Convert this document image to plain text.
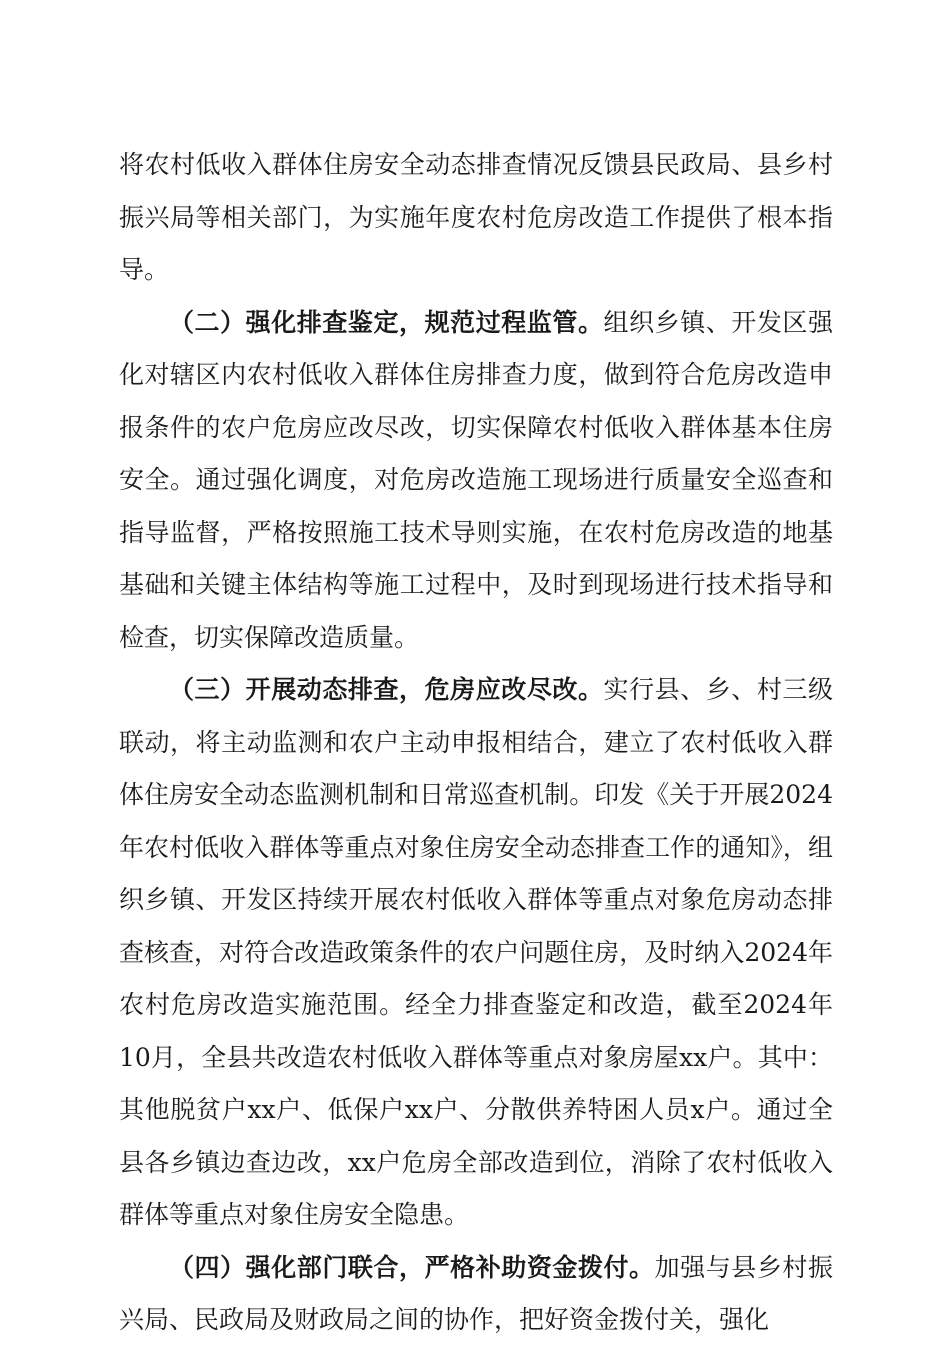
将农村低收入群体住房安全动态排查情况反馈县民政局、县乡村振兴局等相关部门，为实施年度农村危房改造工作提供了根本指导。

（二）强化排查鉴定，规范过程监管。组织乡镇、开发区强化对辖区内农村低收入群体住房排查力度，做到符合危房改造申报条件的农户危房应改尽改，切实保障农村低收入群体基本住房安全。通过强化调度，对危房改造施工现场进行质量安全巡查和指导监督，严格按照施工技术导则实施，在农村危房改造的地基基础和关键主体结构等施工过程中，及时到现场进行技术指导和检查，切实保障改造质量。

（三）开展动态排查，危房应改尽改。实行县、乡、村三级联动，将主动监测和农户主动申报相结合，建立了农村低收入群体住房安全动态监测机制和日常巡查机制。印发《关于开展2024年农村低收入群体等重点对象住房安全动态排查工作的通知》，组织乡镇、开发区持续开展农村低收入群体等重点对象危房动态排查核查，对符合改造政策条件的农户问题住房，及时纳入2024年农村危房改造实施范围。经全力排查鉴定和改造，截至2024年10月，全县共改造农村低收入群体等重点对象房屋xx户。其中：其他脱贫户xx户、低保户xx户、分散供养特困人员x户。通过全县各乡镇边查边改，xx户危房全部改造到位，消除了农村低收入群体等重点对象住房安全隐患。

（四）强化部门联合，严格补助资金拨付。加强与县乡村振兴局、民政局及财政局之间的协作，把好资金拨付关，强化
